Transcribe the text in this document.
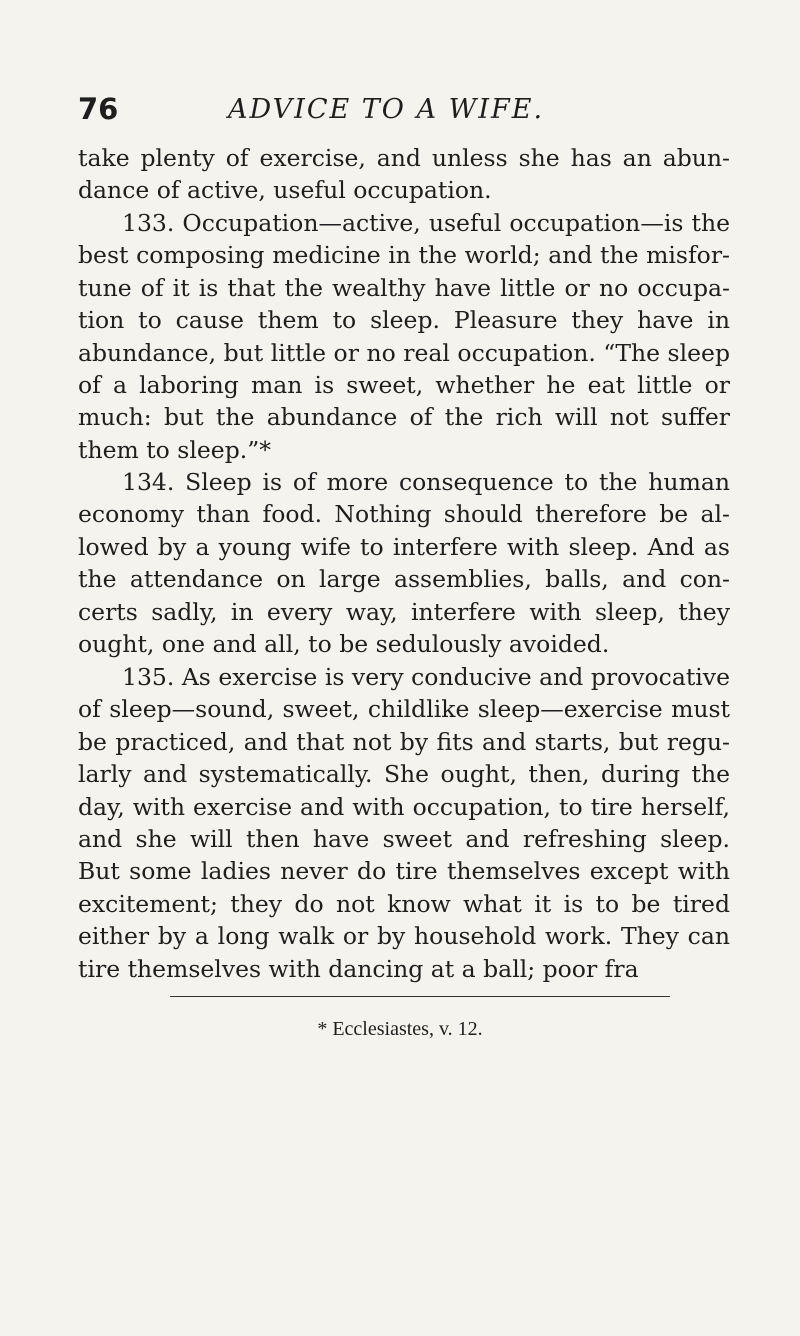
76	ADVICE TO A WIFE.

take plenty of exercise, and unless she has an abun- dance of active, useful occupation.

133. Occupation—active, useful occupation—is the best composing medicine in the world; and the misfor- tune of it is that the wealthy have little or no occupa- tion to cause them to sleep. Pleasure they have in abundance, but little or no real occupation. “The sleep of a laboring man is sweet, whether he eat little or much: but the abundance of the rich will not suffer them to sleep.”*

134. Sleep is of more consequence to the human economy than food. Nothing should therefore be al- lowed by a young wife to interfere with sleep. And as the attendance on large assemblies, balls, and con- certs sadly, in every way, interfere with sleep, they ought, one and all, to be sedulously avoided.

135. As exercise is very conducive and provocative of sleep—sound, sweet, childlike sleep—exercise must be practiced, and that not by fits and starts, but regu- larly and systematically. She ought, then, during the day, with exercise and with occupation, to tire herself, and she will then have sweet and refreshing sleep. But some ladies never do tire themselves except with excitement; they do not know what it is to be tired either by a long walk or by household work. They can tire themselves with dancing at a ball; poor fra

* Ecclesiastes, v. 12.
